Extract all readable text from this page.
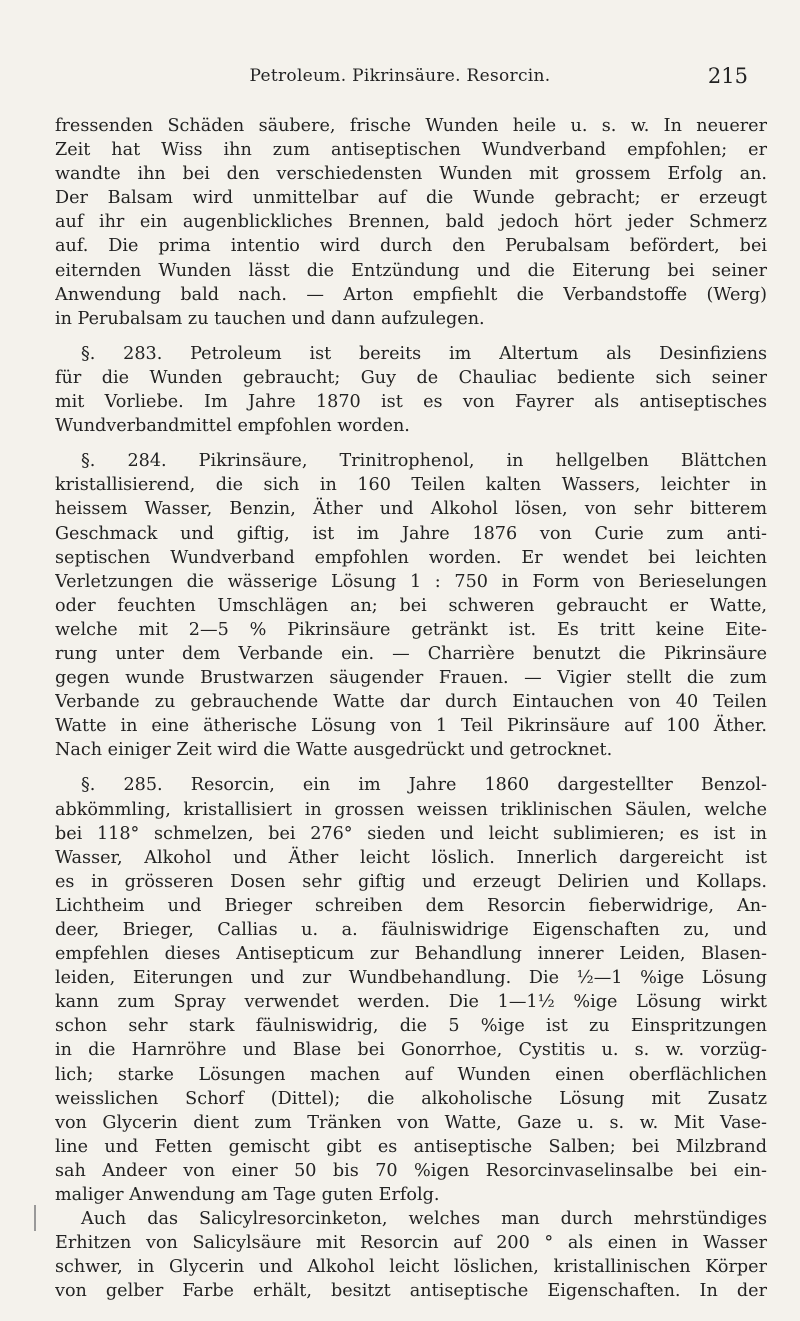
Petroleum. Pikrinsäure. Resorcin.	215
fressenden Schäden säubere, frische Wunden heile u. s. w. In neuerer
Zeit hat Wiss ihn zum antiseptischen Wundverband empfohlen; er
wandte ihn bei den verschiedensten Wunden mit grossem Erfolg an.
Der Balsam wird unmittelbar auf die Wunde gebracht; er erzeugt
auf ihr ein augenblickliches Brennen, bald jedoch hört jeder Schmerz
auf. Die prima intentio wird durch den Perubalsam befördert, bei
eiternden Wunden lässt die Entzündung und die Eiterung bei seiner
Anwendung bald nach. — Arton empfiehlt die Verbandstoffe (Werg)
in Perubalsam zu tauchen und dann aufzulegen.
§. 283. Petroleum ist bereits im Altertum als Desinfiziens
für die Wunden gebraucht; Guy de Chauliac bediente sich seiner
mit Vorliebe. Im Jahre 1870 ist es von Fayrer als antiseptisches
Wundverbandmittel empfohlen worden.
§. 284. Pikrinsäure, Trinitrophenol, in hellgelben Blättchen
kristallisierend, die sich in 160 Teilen kalten Wassers, leichter in
heissem Wasser, Benzin, Äther und Alkohol lösen, von sehr bitterem
Geschmack und giftig, ist im Jahre 1876 von Curie zum anti-
septischen Wundverband empfohlen worden. Er wendet bei leichten
Verletzungen die wässerige Lösung 1 : 750 in Form von Berieselungen
oder feuchten Umschlägen an; bei schweren gebraucht er Watte,
welche mit 2—5 % Pikrinsäure getränkt ist. Es tritt keine Eite-
rung unter dem Verbande ein. — Charrière benutzt die Pikrinsäure
gegen wunde Brustwarzen säugender Frauen. — Vigier stellt die zum
Verbande zu gebrauchende Watte dar durch Eintauchen von 40 Teilen
Watte in eine ätherische Lösung von 1 Teil Pikrinsäure auf 100 Äther.
Nach einiger Zeit wird die Watte ausgedrückt und getrocknet.
§. 285. Resorcin, ein im Jahre 1860 dargestellter Benzol-
abkömmling, kristallisiert in grossen weissen triklinischen Säulen, welche
bei 118° schmelzen, bei 276° sieden und leicht sublimieren; es ist in
Wasser, Alkohol und Äther leicht löslich. Innerlich dargereicht ist
es in grösseren Dosen sehr giftig und erzeugt Delirien und Kollaps.
Lichtheim und Brieger schreiben dem Resorcin fieberwidrige, An-
deer, Brieger, Callias u. a. fäulniswidrige Eigenschaften zu, und
empfehlen dieses Antisepticum zur Behandlung innerer Leiden, Blasen-
leiden, Eiterungen und zur Wundbehandlung. Die ½—1 %ige Lösung
kann zum Spray verwendet werden. Die 1—1½ %ige Lösung wirkt
schon sehr stark fäulniswidrig, die 5 %ige ist zu Einspritzungen
in die Harnröhre und Blase bei Gonorrhoe, Cystitis u. s. w. vorzüg-
lich; starke Lösungen machen auf Wunden einen oberflächlichen
weisslichen Schorf (Dittel); die alkoholische Lösung mit Zusatz
von Glycerin dient zum Tränken von Watte, Gaze u. s. w. Mit Vase-
line und Fetten gemischt gibt es antiseptische Salben; bei Milzbrand
sah Andeer von einer 50 bis 70 %igen Resorcinvaselinsalbe bei ein-
maliger Anwendung am Tage guten Erfolg.
Auch das Salicylresorcinketon, welches man durch mehrstündiges
Erhitzen von Salicylsäure mit Resorcin auf 200 ° als einen in Wasser
schwer, in Glycerin und Alkohol leicht löslichen, kristallinischen Körper
von gelber Farbe erhält, besitzt antiseptische Eigenschaften. In der
